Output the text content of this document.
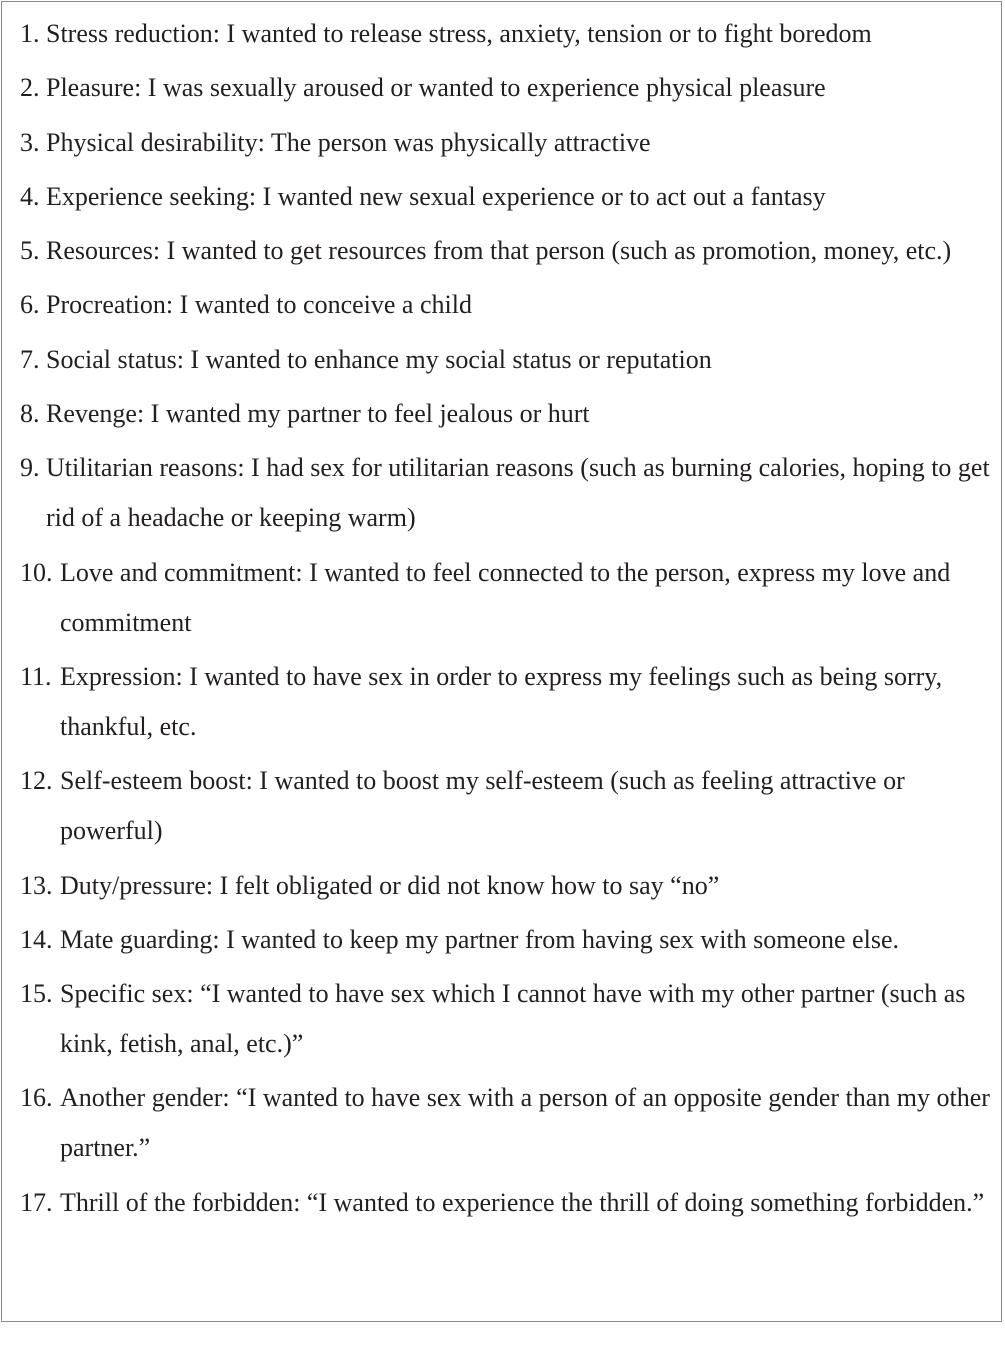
1. Stress reduction: I wanted to release stress, anxiety, tension or to fight boredom
2. Pleasure: I was sexually aroused or wanted to experience physical pleasure
3. Physical desirability: The person was physically attractive
4. Experience seeking: I wanted new sexual experience or to act out a fantasy
5. Resources: I wanted to get resources from that person (such as promotion, money, etc.)
6. Procreation: I wanted to conceive a child
7. Social status: I wanted to enhance my social status or reputation
8. Revenge: I wanted my partner to feel jealous or hurt
9. Utilitarian reasons: I had sex for utilitarian reasons (such as burning calories, hoping to get rid of a headache or keeping warm)
10. Love and commitment: I wanted to feel connected to the person, express my love and commitment
11. Expression: I wanted to have sex in order to express my feelings such as being sorry, thankful, etc.
12. Self-esteem boost: I wanted to boost my self-esteem (such as feeling attractive or powerful)
13. Duty/pressure: I felt obligated or did not know how to say “no”
14. Mate guarding: I wanted to keep my partner from having sex with someone else.
15. Specific sex: “I wanted to have sex which I cannot have with my other partner (such as kink, fetish, anal, etc.)”
16. Another gender: “I wanted to have sex with a person of an opposite gender than my other partner.”
17. Thrill of the forbidden: “I wanted to experience the thrill of doing something forbidden.”
